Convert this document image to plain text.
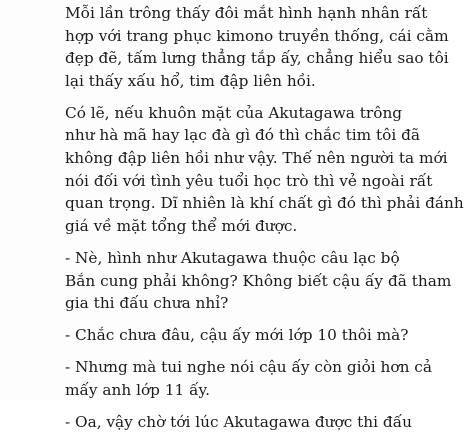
Mỗi lần trông thấy đôi mắt hình hạnh nhân rất
hợp với trang phục kimono truyền thống, cái cằm
đẹp đẽ, tấm lưng thẳng tắp ấy, chẳng hiểu sao tôi
lại thấy xấu hổ, tim đập liên hồi.

Có lẽ, nếu khuôn mặt của Akutagawa trông
như hà mã hay lạc đà gì đó thì chắc tim tôi đã
không đập liên hồi như vậy. Thế nên người ta mới
nói đối với tình yêu tuổi học trò thì vẻ ngoài rất
quan trọng. Dĩ nhiên là khí chất gì đó thì phải đánh
giá về mặt tổng thể mới được.

- Nè, hình như Akutagawa thuộc câu lạc bộ
Bắn cung phải không? Không biết cậu ấy đã tham
gia thi đấu chưa nhỉ?

- Chắc chưa đâu, cậu ấy mới lớp 10 thôi mà?

- Nhưng mà tui nghe nói cậu ấy còn giỏi hơn cả
mấy anh lớp 11 ấy.

- Oa, vậy chờ tới lúc Akutagawa được thi đấu
